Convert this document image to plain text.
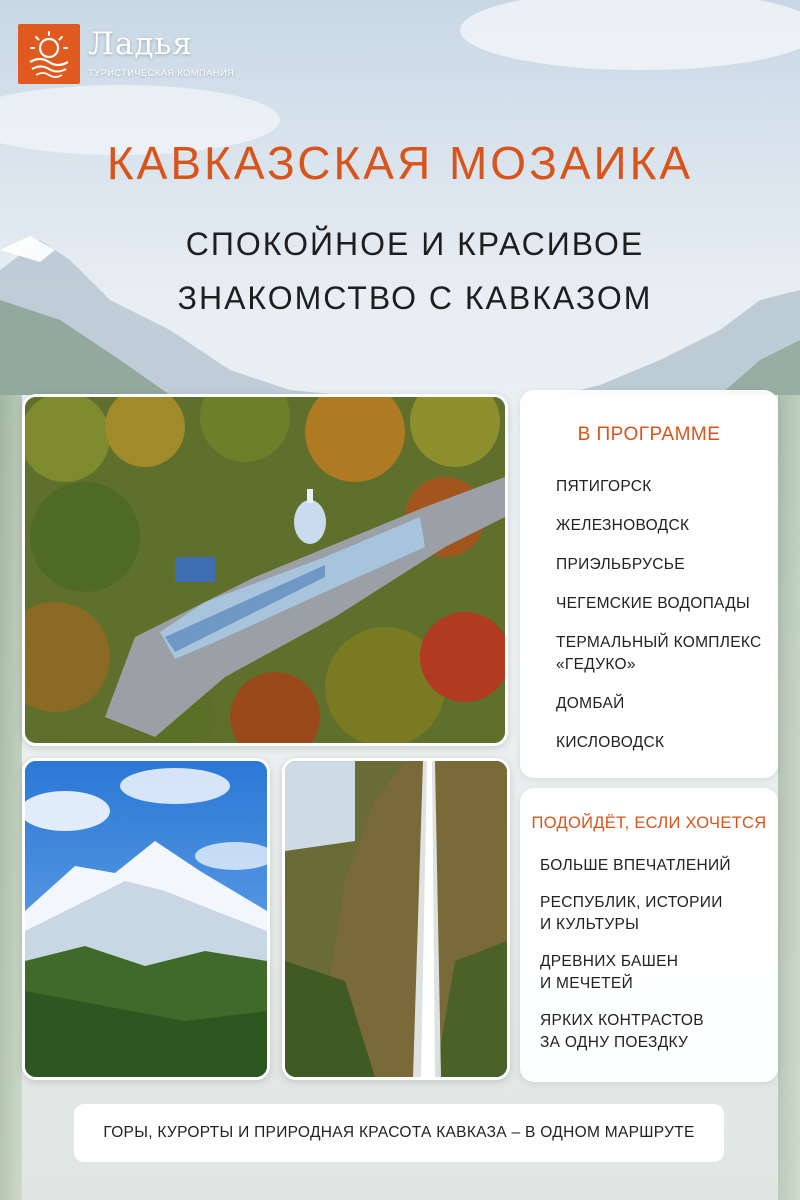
Ладья
ТУРИСТИЧЕСКАЯ КОМПАНИЯ
КАВКАЗСКАЯ МОЗАИКА
СПОКОЙНОЕ И КРАСИВОЕ
ЗНАКОМСТВО С КАВКАЗОМ
В ПРОГРАММЕ
ПЯТИГОРСК
ЖЕЛЕЗНОВОДСК
ПРИЭЛЬБРУСЬЕ
ЧЕГЕМСКИЕ ВОДОПАДЫ
ТЕРМАЛЬНЫЙ КОМПЛЕКС
«ГЕДУКО»
ДОМБАЙ
КИСЛОВОДСК
ПОДОЙДЁТ, ЕСЛИ ХОЧЕТСЯ
БОЛЬШЕ ВПЕЧАТЛЕНИЙ
РЕСПУБЛИК, ИСТОРИИ
И КУЛЬТУРЫ
ДРЕВНИХ БАШЕН
И МЕЧЕТЕЙ
ЯРКИХ КОНТРАСТОВ
ЗА ОДНУ ПОЕЗДКУ
ГОРЫ, КУРОРТЫ И ПРИРОДНАЯ КРАСОТА КАВКАЗА – В ОДНОМ МАРШРУТЕ
